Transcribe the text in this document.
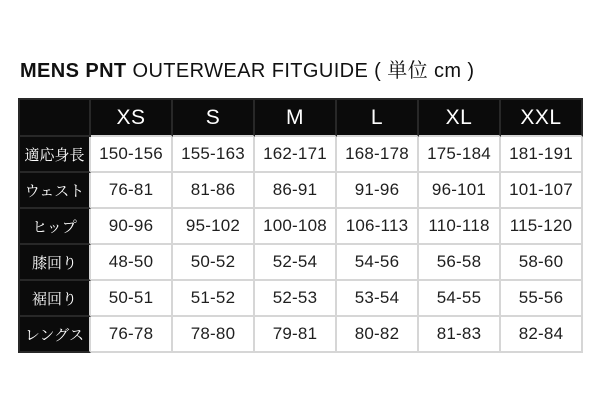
MENS PNT OUTERWEAR FITGUIDE ( 単位 cm )
	XS	S	M	L	XL	XXL
適応身長	150-156	155-163	162-171	168-178	175-184	181-191
ウェスト	76-81	81-86	86-91	91-96	96-101	101-107
ヒップ	90-96	95-102	100-108	106-113	110-118	115-120
膝回り	48-50	50-52	52-54	54-56	56-58	58-60
裾回り	50-51	51-52	52-53	53-54	54-55	55-56
レングス	76-78	78-80	79-81	80-82	81-83	82-84
